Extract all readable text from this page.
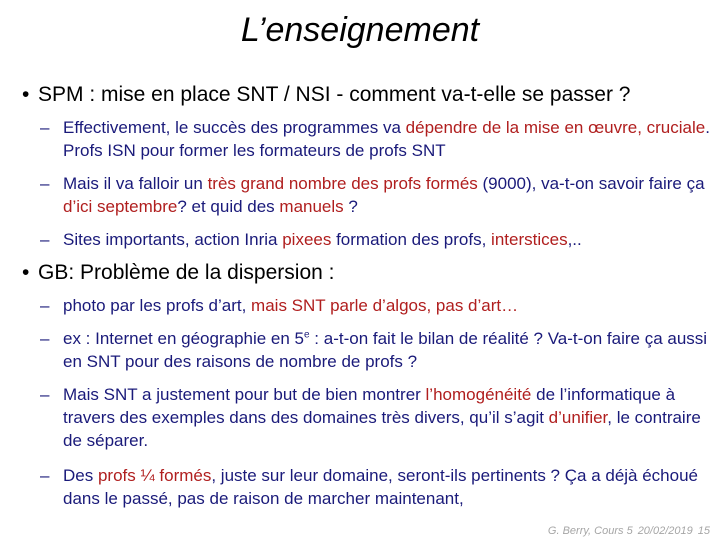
L’enseignement
• SPM : mise en place SNT / NSI - comment va-t-elle se passer ?
– Effectivement, le succès des programmes va dépendre de la mise en œuvre, cruciale. Profs ISN pour former les formateurs de profs SNT
– Mais il va falloir un très grand nombre des profs formés (9000), va-t-on savoir faire ça d’ici septembre? et quid des manuels ?
– Sites importants, action Inria pixees formation des profs, interstices,..
• GB: Problème de la dispersion :
– photo par les profs d’art, mais SNT parle d’algos, pas d’art…
– ex : Internet en géographie en 5e : a-t-on fait le bilan de réalité ? Va-t-on faire ça aussi en SNT pour des raisons de nombre de profs ?
– Mais SNT a justement pour but de bien montrer l’homogénéité de l’informatique à travers des exemples dans des domaines très divers, qu’il s’agit d’unifier, le contraire de séparer.
– Des profs ¼ formés, juste sur leur domaine, seront-ils pertinents ? Ça a déjà échoué dans le passé, pas de raison de marcher maintenant,
G. Berry, Cours 5 20/02/2019 15
